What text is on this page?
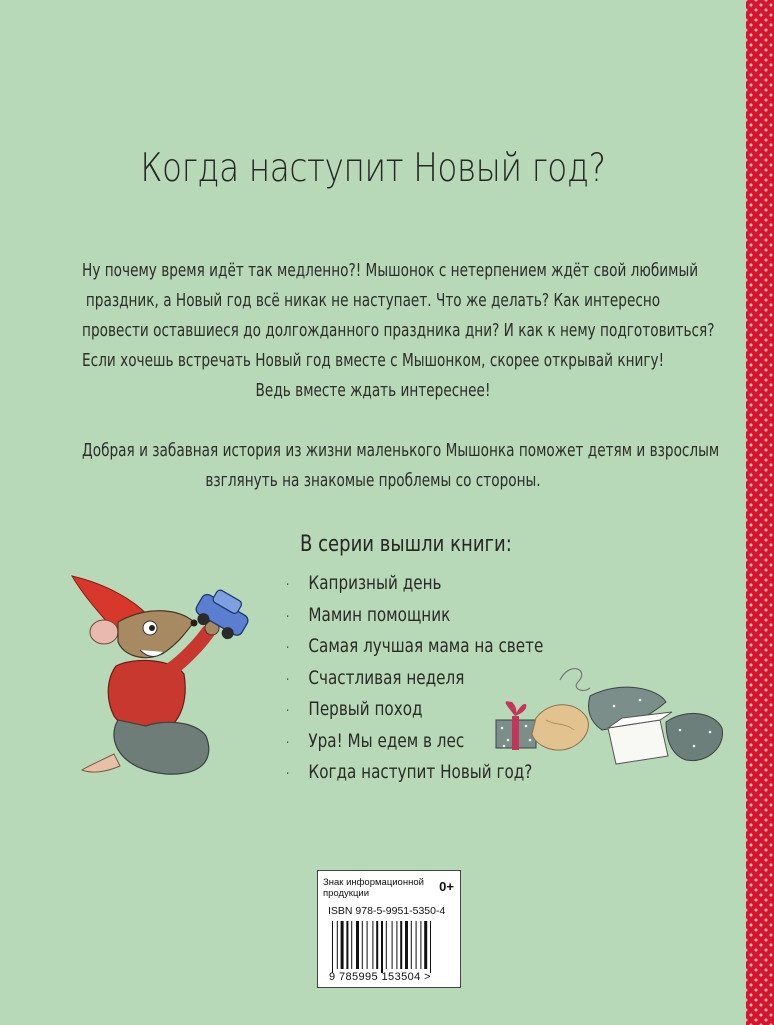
Когда наступит Новый год?
Ну почему время идёт так медленно?! Мышонок с нетерпением ждёт свой любимый
праздник, а Новый год всё никак не наступает. Что же делать? Как интересно
провести оставшиеся до долгожданного праздника дни? И как к нему подготовиться?
Если хочешь встречать Новый год вместе с Мышонком, скорее открывай книгу!
Ведь вместе ждать интереснее!
Добрая и забавная история из жизни маленького Мышонка поможет детям и взрослым
взглянуть на знакомые проблемы со стороны.
В серии вышли книги:
· Капризный день
· Мамин помощник
· Самая лучшая мама на свете
· Счастливая неделя
· Первый поход
· Ура! Мы едем в лес
· Когда наступит Новый год?
Знак информационной продукции	0+
ISBN 978-5-9951-5350-4
9 785995 153504 >
